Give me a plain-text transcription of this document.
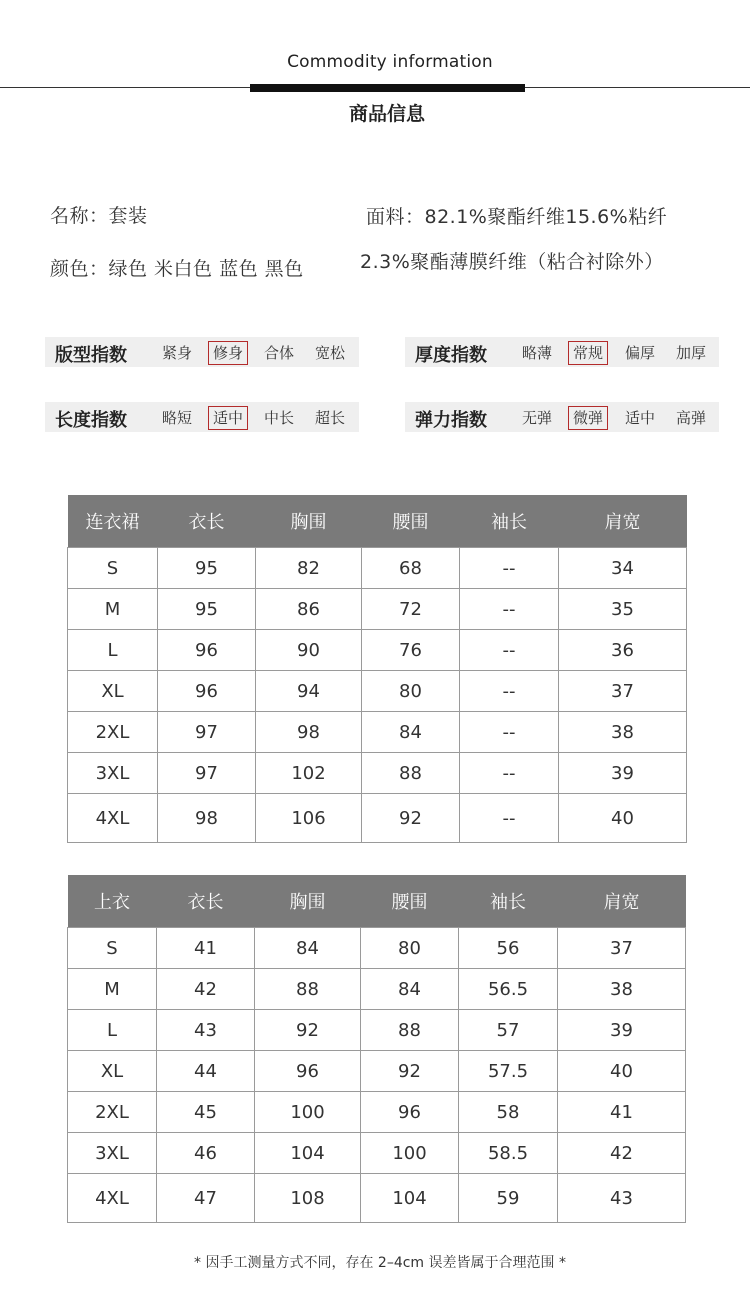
Commodity information
商品信息
名称：套装
颜色：绿色 米白色 蓝色 黑色
面料：82.1%聚酯纤维15.6%粘纤
2.3%聚酯薄膜纤维（粘合衬除外）
版型指数 紧身 修身 合体 宽松	厚度指数 略薄 常规 偏厚 加厚
长度指数 略短 适中 中长 超长	弹力指数 无弹 微弹 适中 高弹
连衣裙	衣长	胸围	腰围	袖长	肩宽
S	95	82	68	--	34
M	95	86	72	--	35
L	96	90	76	--	36
XL	96	94	80	--	37
2XL	97	98	84	--	38
3XL	97	102	88	--	39
4XL	98	106	92	--	40
上衣	衣长	胸围	腰围	袖长	肩宽
S	41	84	80	56	37
M	42	88	84	56.5	38
L	43	92	88	57	39
XL	44	96	92	57.5	40
2XL	45	100	96	58	41
3XL	46	104	100	58.5	42
4XL	47	108	104	59	43
* 因手工测量方式不同，存在 2–4cm 误差皆属于合理范围 *
